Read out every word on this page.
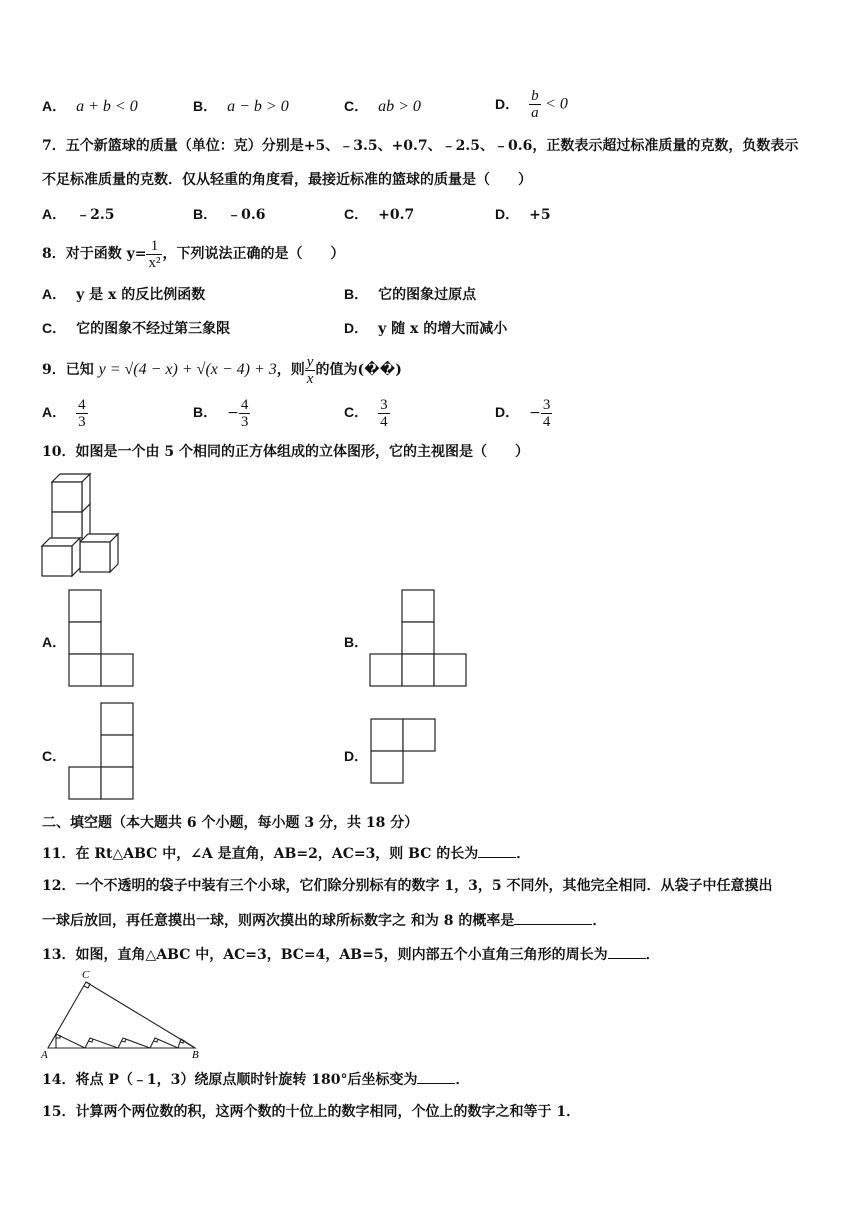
A． a + b < 0	B． a − b > 0	C． ab > 0	D． $\frac{b}{a} < 0$
7．五个新篮球的质量（单位：克）分别是+5、﹣3.5、+0.7、﹣2.5、﹣0.6，正数表示超过标准质量的克数，负数表示
不足标准质量的克数．仅从轻重的角度看，最接近标准的篮球的质量是（　　）
A． ﹣2.5	B． ﹣0.6	C． +0.7	D． +5
8．对于函数 $y= \frac{1}{\text{x²}}$ ，下列说法正确的是（　　）
A． y 是 x 的反比例函数	B． 它的图象过原点
C． 它的图象不经过第三象限	D． y 随 x 的增大而减小
9．已知 y = √(4 − x) + √(x − 4) + 3，则 $\frac{y}{x}$ 的值为(��)
A． $\frac{4}{3}$	B． − $\frac{4}{3}$	C． $\frac{3}{4}$	D． − $\frac{3}{4}$
10．如图是一个由 5 个相同的正方体组成的立体图形，它的主视图是（　　）
A．	B．
C．	D．
二、填空题（本大题共 6 个小题，每小题 3 分，共 18 分）
11．在 Rt△ABC 中，∠A 是直角，AB=2，AC=3，则 BC 的长为	．
12．一个不透明的袋子中装有三个小球，它们除分别标有的数字 1，3，5 不同外，其他完全相同．从袋子中任意摸出
一球后放回，再任意摸出一球，则两次摸出的球所标数字之 和为 8 的概率是	．
13．如图，直角△ABC 中，AC=3，BC=4，AB=5，则内部五个小直角三角形的周长为	．
A	B
C
14．将点 P（﹣1，3）绕原点顺时针旋转 180°后坐标变为	．
15．计算两个两位数的积，这两个数的十位上的数字相同，个位上的数字之和等于 1．
